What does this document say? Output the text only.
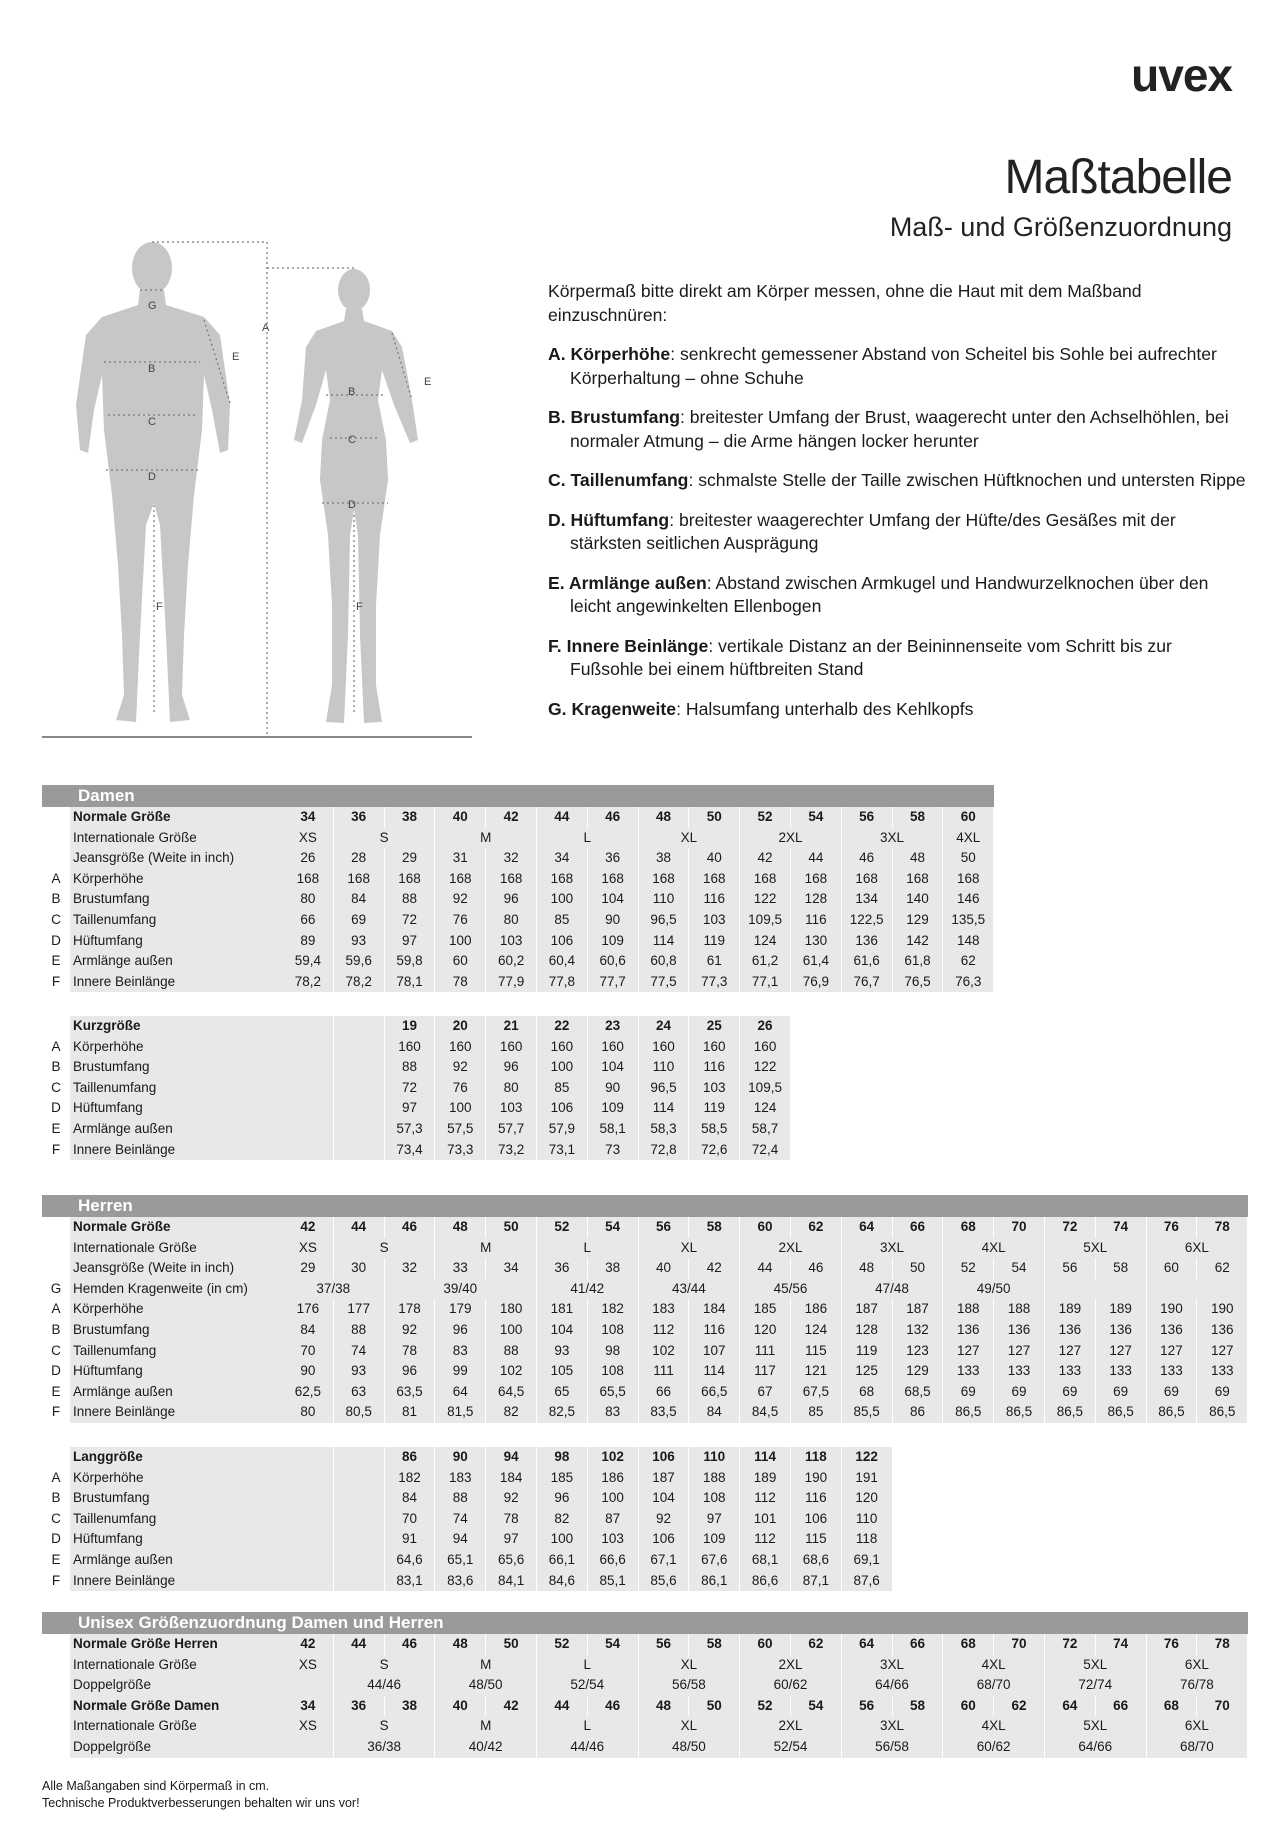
uvex
Maßtabelle
Maß- und Größenzuordnung
G
A
E
B
C
D
F
B
C
D
E
F

Körpermaß bitte direkt am Körper messen, ohne die Haut mit dem Maßband einzuschnüren:

A. Körperhöhe: senkrecht gemessener Abstand von Scheitel bis Sohle bei aufrechter Körperhaltung – ohne Schuhe

B. Brustumfang: breitester Umfang der Brust, waagerecht unter den Achselhöhlen, bei normaler Atmung – die Arme hängen locker herunter

C. Taillenumfang: schmalste Stelle der Taille zwischen Hüftknochen und untersten Rippe

D. Hüftumfang: breitester waagerechter Umfang der Hüfte/des Gesäßes mit der stärksten seitlichen Ausprägung

E. Armlänge außen: Abstand zwischen Armkugel und Handwurzelknochen über den leicht angewinkelten Ellenbogen

F. Innere Beinlänge: vertikale Distanz an der Beininnenseite vom Schritt bis zur Fußsohle bei einem hüftbreiten Stand

G. Kragenweite: Halsumfang unterhalb des Kehlkopfs

Damen															
	Normale Größe	34	36	38	40	42	44	46	48	50	52	54	56	58	60
	Internationale Größe	XS	S		M		L		XL		2XL		3XL		4XL
	Jeansgröße (Weite in inch)	26	28	29	31	32	34	36	38	40	42	44	46	48	50
A	Körperhöhe	168	168	168	168	168	168	168	168	168	168	168	168	168	168
B	Brustumfang	80	84	88	92	96	100	104	110	116	122	128	134	140	146
C	Taillenumfang	66	69	72	76	80	85	90	96,5	103	109,5	116	122,5	129	135,5
D	Hüftumfang	89	93	97	100	103	106	109	114	119	124	130	136	142	148
E	Armlänge außen	59,4	59,6	59,8	60	60,2	60,4	60,6	60,8	61	61,2	61,4	61,6	61,8	62
F	Innere Beinlänge	78,2	78,2	78,1	78	77,9	77,8	77,7	77,5	77,3	77,1	76,9	76,7	76,5	76,3
	Kurzgröße			19	20	21	22	23	24	25	26
A	Körperhöhe			160	160	160	160	160	160	160	160
B	Brustumfang			88	92	96	100	104	110	116	122
C	Taillenumfang			72	76	80	85	90	96,5	103	109,5
D	Hüftumfang			97	100	103	106	109	114	119	124
E	Armlänge außen			57,3	57,5	57,7	57,9	58,1	58,3	58,5	58,7
F	Innere Beinlänge			73,4	73,3	73,2	73,1	73	72,8	72,6	72,4
Herren																				
	Normale Größe	42	44	46	48	50	52	54	56	58	60	62	64	66	68	70	72	74	76	78
	Internationale Größe	XS	S		M		L		XL		2XL		3XL		4XL		5XL		6XL	
	Jeansgröße (Weite in inch)	29	30	32	33	34	36	38	40	42	44	46	48	50	52	54	56	58	60	62
G	Hemden Kragenweite (in cm)	37/38		39/40			41/42		43/44		45/56		47/48		49/50					
A	Körperhöhe	176	177	178	179	180	181	182	183	184	185	186	187	187	188	188	189	189	190	190
B	Brustumfang	84	88	92	96	100	104	108	112	116	120	124	128	132	136	136	136	136	136	136
C	Taillenumfang	70	74	78	83	88	93	98	102	107	111	115	119	123	127	127	127	127	127	127
D	Hüftumfang	90	93	96	99	102	105	108	111	114	117	121	125	129	133	133	133	133	133	133
E	Armlänge außen	62,5	63	63,5	64	64,5	65	65,5	66	66,5	67	67,5	68	68,5	69	69	69	69	69	69
F	Innere Beinlänge	80	80,5	81	81,5	82	82,5	83	83,5	84	84,5	85	85,5	86	86,5	86,5	86,5	86,5	86,5	86,5
	Langgröße			86	90	94	98	102	106	110	114	118	122
A	Körperhöhe			182	183	184	185	186	187	188	189	190	191
B	Brustumfang			84	88	92	96	100	104	108	112	116	120
C	Taillenumfang			70	74	78	82	87	92	97	101	106	110
D	Hüftumfang			91	94	97	100	103	106	109	112	115	118
E	Armlänge außen			64,6	65,1	65,6	66,1	66,6	67,1	67,6	68,1	68,6	69,1
F	Innere Beinlänge			83,1	83,6	84,1	84,6	85,1	85,6	86,1	86,6	87,1	87,6
Unisex Größenzuordnung Damen und Herren																				
	Normale Größe Herren	42	44	46	48	50	52	54	56	58	60	62	64	66	68	70	72	74	76	78
	Internationale Größe	XS	S		M		L		XL		2XL		3XL		4XL		5XL		6XL	
	Doppelgröße		44/46		48/50		52/54		56/58		60/62		64/66		68/70		72/74		76/78	
	Normale Größe Damen	34	36	38	40	42	44	46	48	50	52	54	56	58	60	62	64	66	68	70
	Internationale Größe	XS	S		M		L		XL		2XL		3XL		4XL		5XL		6XL	
	Doppelgröße		36/38		40/42		44/46		48/50		52/54		56/58		60/62		64/66		68/70	
Alle Maßangaben sind Körpermaß in cm.
Technische Produktverbesserungen behalten wir uns vor!
